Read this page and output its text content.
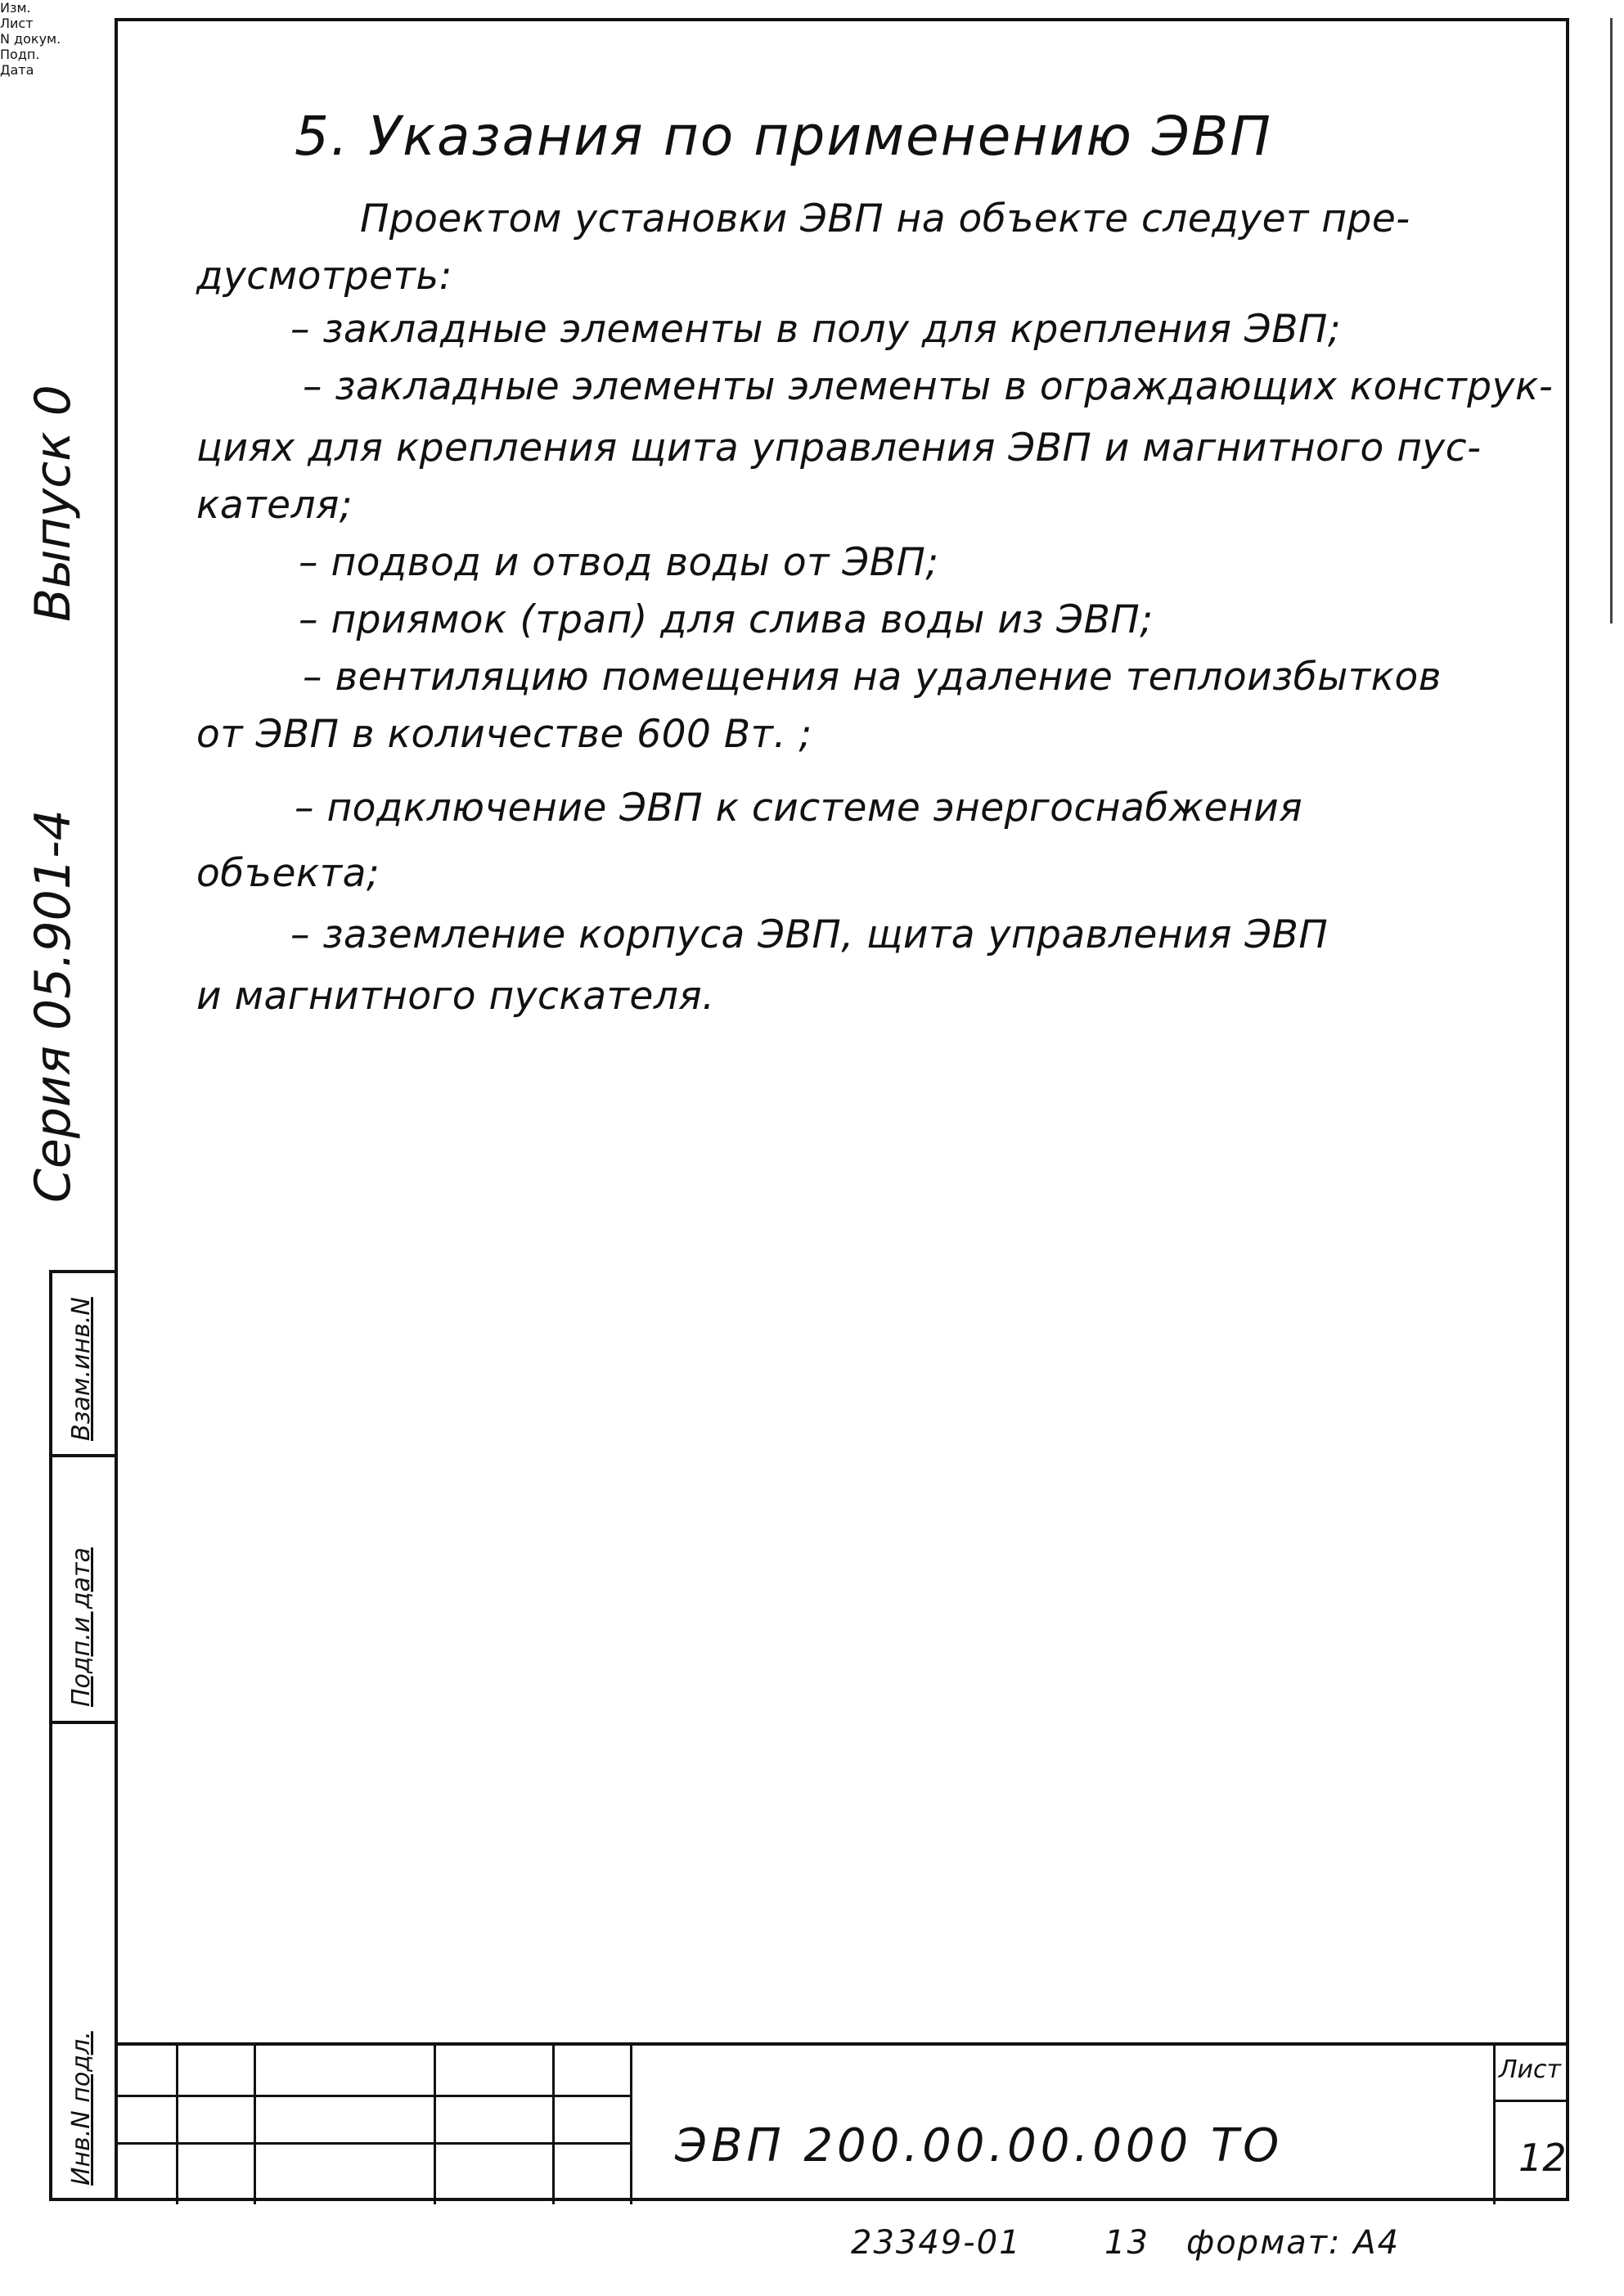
5. Указания по применению ЭВП
Проектом установки ЭВП на объекте следует пре-
дусмотреть:
– закладные элементы в полу для крепления ЭВП;
– закладные элементы элементы в ограждающих конструк-
циях для крепления щита управления ЭВП и магнитного пус-
кателя;
– подвод и отвод воды от ЭВП;
– приямок (трап) для слива воды из ЭВП;
– вентиляцию помещения на удаление теплоизбытков
от ЭВП в количестве 600 Вт. ;
– подключение ЭВП к системе энергоснабжения
объекта;
– заземление корпуса ЭВП, щита управления ЭВП
и магнитного пускателя.
Выпуск 0
Серия 05.901-4
Взам.инв.N
Подп.и дата
Инв.N подл.
Изм.
Лист
N докум.
Подп.
Дата
ЭВП 200.00.00.000 ТО
Лист
12
23349-01	13 формат: А4
